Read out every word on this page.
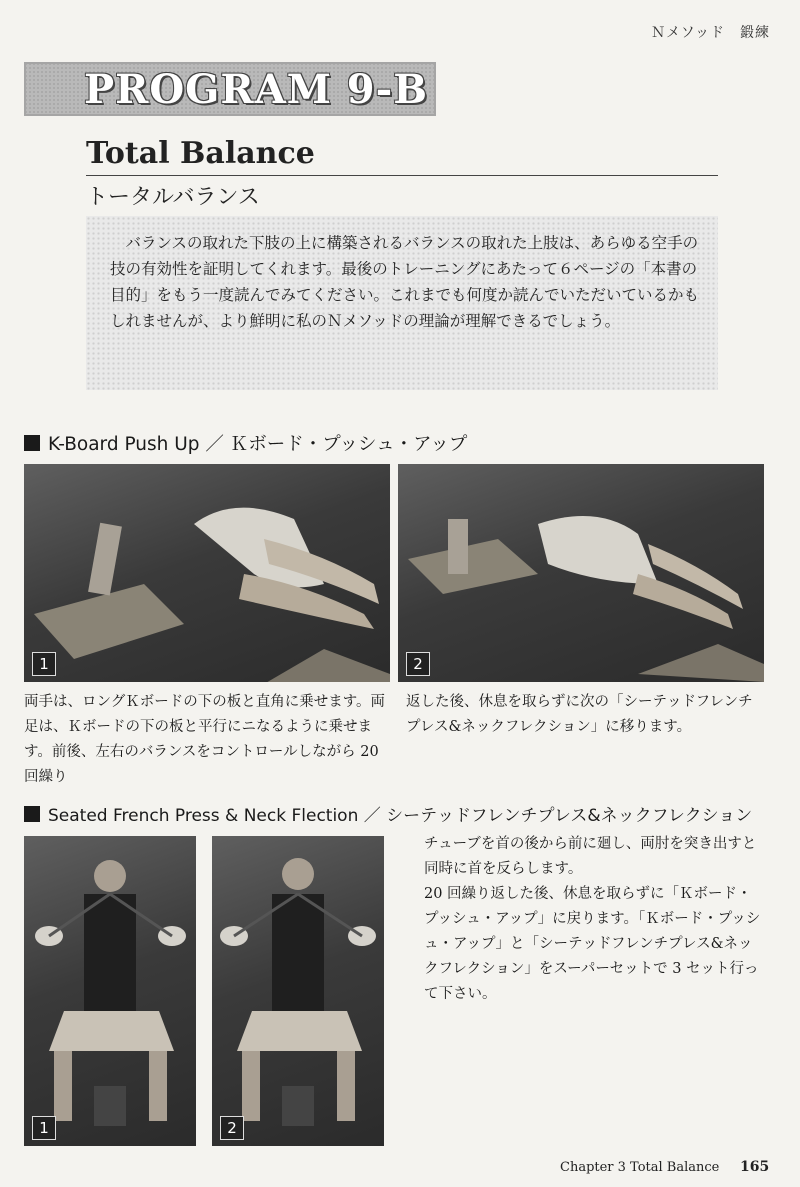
Ｎメソッド　鍛練
PROGRAM 9-B
Total Balance
トータルバランス
バランスの取れた下肢の上に構築されるバランスの取れた上肢は、あらゆる空手の技の有効性を証明してくれます。最後のトレーニングにあたって６ページの「本書の目的」をもう一度読んでみてください。これまでも何度か読んでいただいているかもしれませんが、より鮮明に私のＮメソッドの理論が理解できるでしょう。
K-Board Push Up ／ Ｋボード・プッシュ・アップ
1	2
両手は、ロングＫボードの下の板と直角に乗せます。両足は、Ｋボードの下の板と平行にニなるように乗せます。前後、左右のバランスをコントロールしながら 20 回繰り
返した後、休息を取らずに次の「シーテッドフレンチプレス&ネックフレクション」に移ります。
Seated French Press & Neck Flection ／ シーテッドフレンチプレス&ネックフレクション
1	2
チューブを首の後から前に廻し、両肘を突き出すと同時に首を反らします。
20 回繰り返した後、休息を取らずに「Ｋボード・プッシュ・アップ」に戻ります。「Ｋボード・プッシュ・アップ」と「シーテッドフレンチプレス&ネックフレクション」をスーパーセットで 3 セット行って下さい。
Chapter 3 Total Balance 165
